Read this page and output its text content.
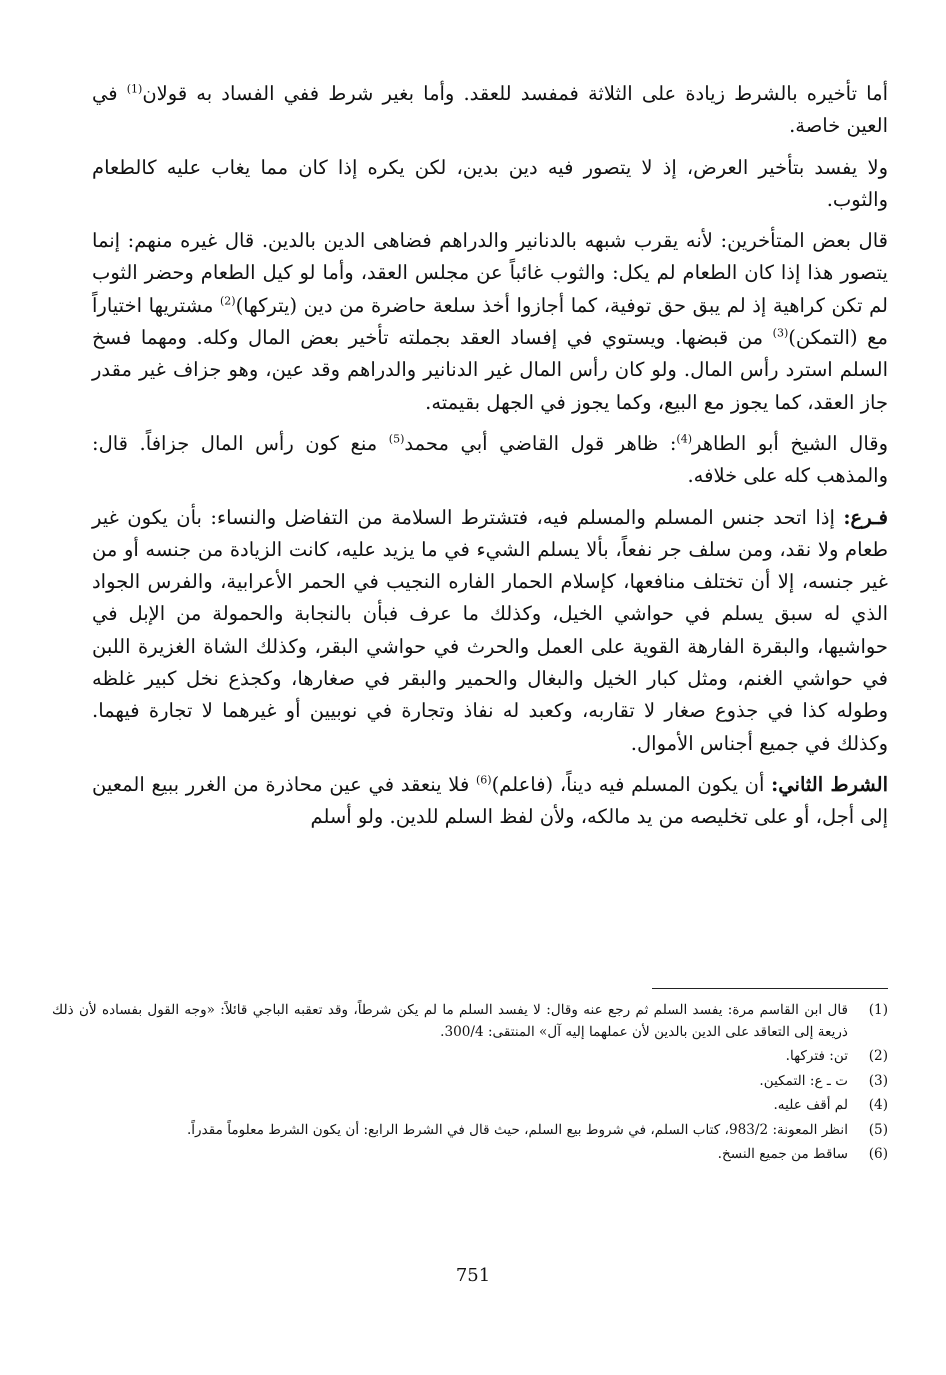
أما تأخيره بالشرط زيادة على الثلاثة فمفسد للعقد. وأما بغير شرط ففي الفساد به قولان$^{(1)}$ في العين خاصة.

ولا يفسد بتأخير العرض، إذ لا يتصور فيه دين بدين، لكن يكره إذا كان مما يغاب عليه كالطعام والثوب.

قال بعض المتأخرين: لأنه يقرب شبهه بالدنانير والدراهم فضاهى الدين بالدين. قال غيره منهم: إنما يتصور هذا إذا كان الطعام لم يكل: والثوب غائباً عن مجلس العقد، وأما لو كيل الطعام وحضر الثوب لم تكن كراهية إذ لم يبق حق توفية، كما أجازوا أخذ سلعة حاضرة من دين (يتركها)$^{(2)}$ مشتريها اختياراً مع (التمكن)$^{(3)}$ من قبضها. ويستوي في إفساد العقد بجملته تأخير بعض المال وكله. ومهما فسخ السلم استرد رأس المال. ولو كان رأس المال غير الدنانير والدراهم وقد عين، وهو جزاف غير مقدر جاز العقد، كما يجوز مع البيع، وكما يجوز في الجهل بقيمته.

وقال الشيخ أبو الطاهر$^{(4)}$: ظاهر قول القاضي أبي محمد$^{(5)}$ منع كون رأس المال جزافاً. قال: والمذهب كله على خلافه.

فـرع: إذا اتحد جنس المسلم والمسلم فيه، فتشترط السلامة من التفاضل والنساء: بأن يكون غير طعام ولا نقد، ومن سلف جر نفعاً، بألا يسلم الشيء في ما يزيد عليه، كانت الزيادة من جنسه أو من غير جنسه، إلا أن تختلف منافعها، كإسلام الحمار الفاره النجيب في الحمر الأعرابية، والفرس الجواد الذي له سبق يسلم في حواشي الخيل، وكذلك ما عرف فبأن بالنجابة والحمولة من الإبل في حواشيها، والبقرة الفارهة القوية على العمل والحرث في حواشي البقر، وكذلك الشاة الغزيرة اللبن في حواشي الغنم، ومثل كبار الخيل والبغال والحمير والبقر في صغارها، وكجذع نخل كبير غلظه وطوله كذا في جذوع صغار لا تقاربه، وكعبد له نفاذ وتجارة في نوبيين أو غيرهما لا تجارة فيهما. وكذلك في جميع أجناس الأموال.

الشرط الثاني: أن يكون المسلم فيه ديناً، (فاعلم)$^{(6)}$ فلا ينعقد في عين محاذرة من الغرر ببيع المعين إلى أجل، أو على تخليصه من يد مالكه، ولأن لفظ السلم للدين. ولو أسلم

(1)
قال ابن القاسم مرة: يفسد السلم ثم رجع عنه وقال: لا يفسد السلم ما لم يكن شرطاً، وقد تعقبه الباجي قائلاً: «وجه القول بفساده لأن ذلك ذريعة إلى التعاقد على الدين بالدين لأن عملهما إليه آل» المنتقى: 300/4.
(2)
تن: فتركها.
(3)
ت ـ ع: التمكين.
(4)
لم أقف عليه.
(5)
انظر المعونة: 983/2، كتاب السلم، في شروط بيع السلم، حيث قال في الشرط الرابع: أن يكون الشرط معلوماً مقدراً.
(6)
ساقط من جميع النسخ.
751
